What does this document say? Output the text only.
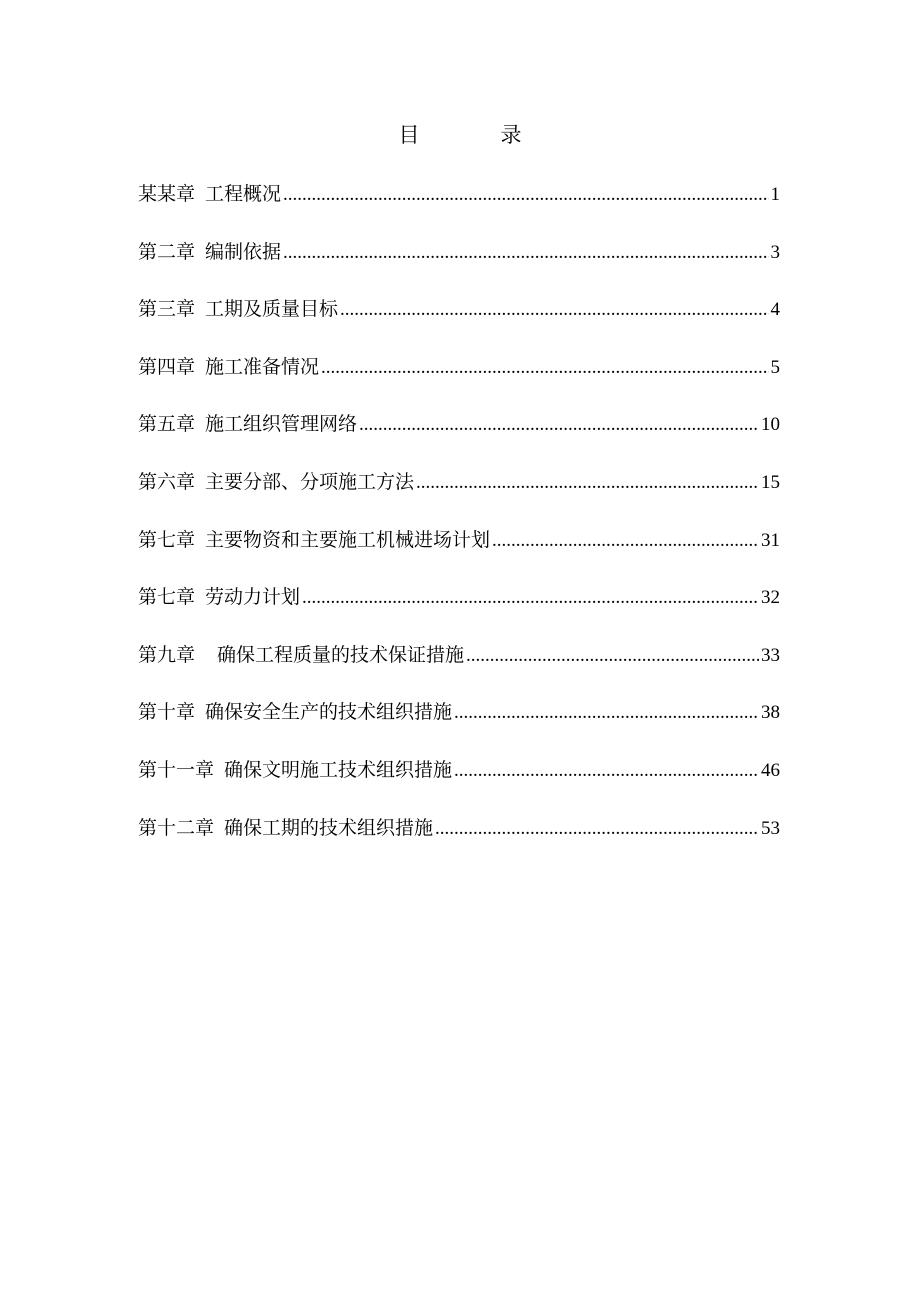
目　录
某某章 工程概况 .....	1
第二章 编制依据 .....	3
第三章 工期及质量目标 .....	4
第四章 施工准备情况 .....	5
第五章 施工组织管理网络 .....	10
第六章 主要分部、分项施工方法 .....	15
第七章 主要物资和主要施工机械进场计划 .....	31
第七章 劳动力计划 .....	32
第九章 确保工程质量的技术保证措施 .....	33
第十章 确保安全生产的技术组织措施 .....	38
第十一章 确保文明施工技术组织措施 .....	46
第十二章 确保工期的技术组织措施 .....	53
